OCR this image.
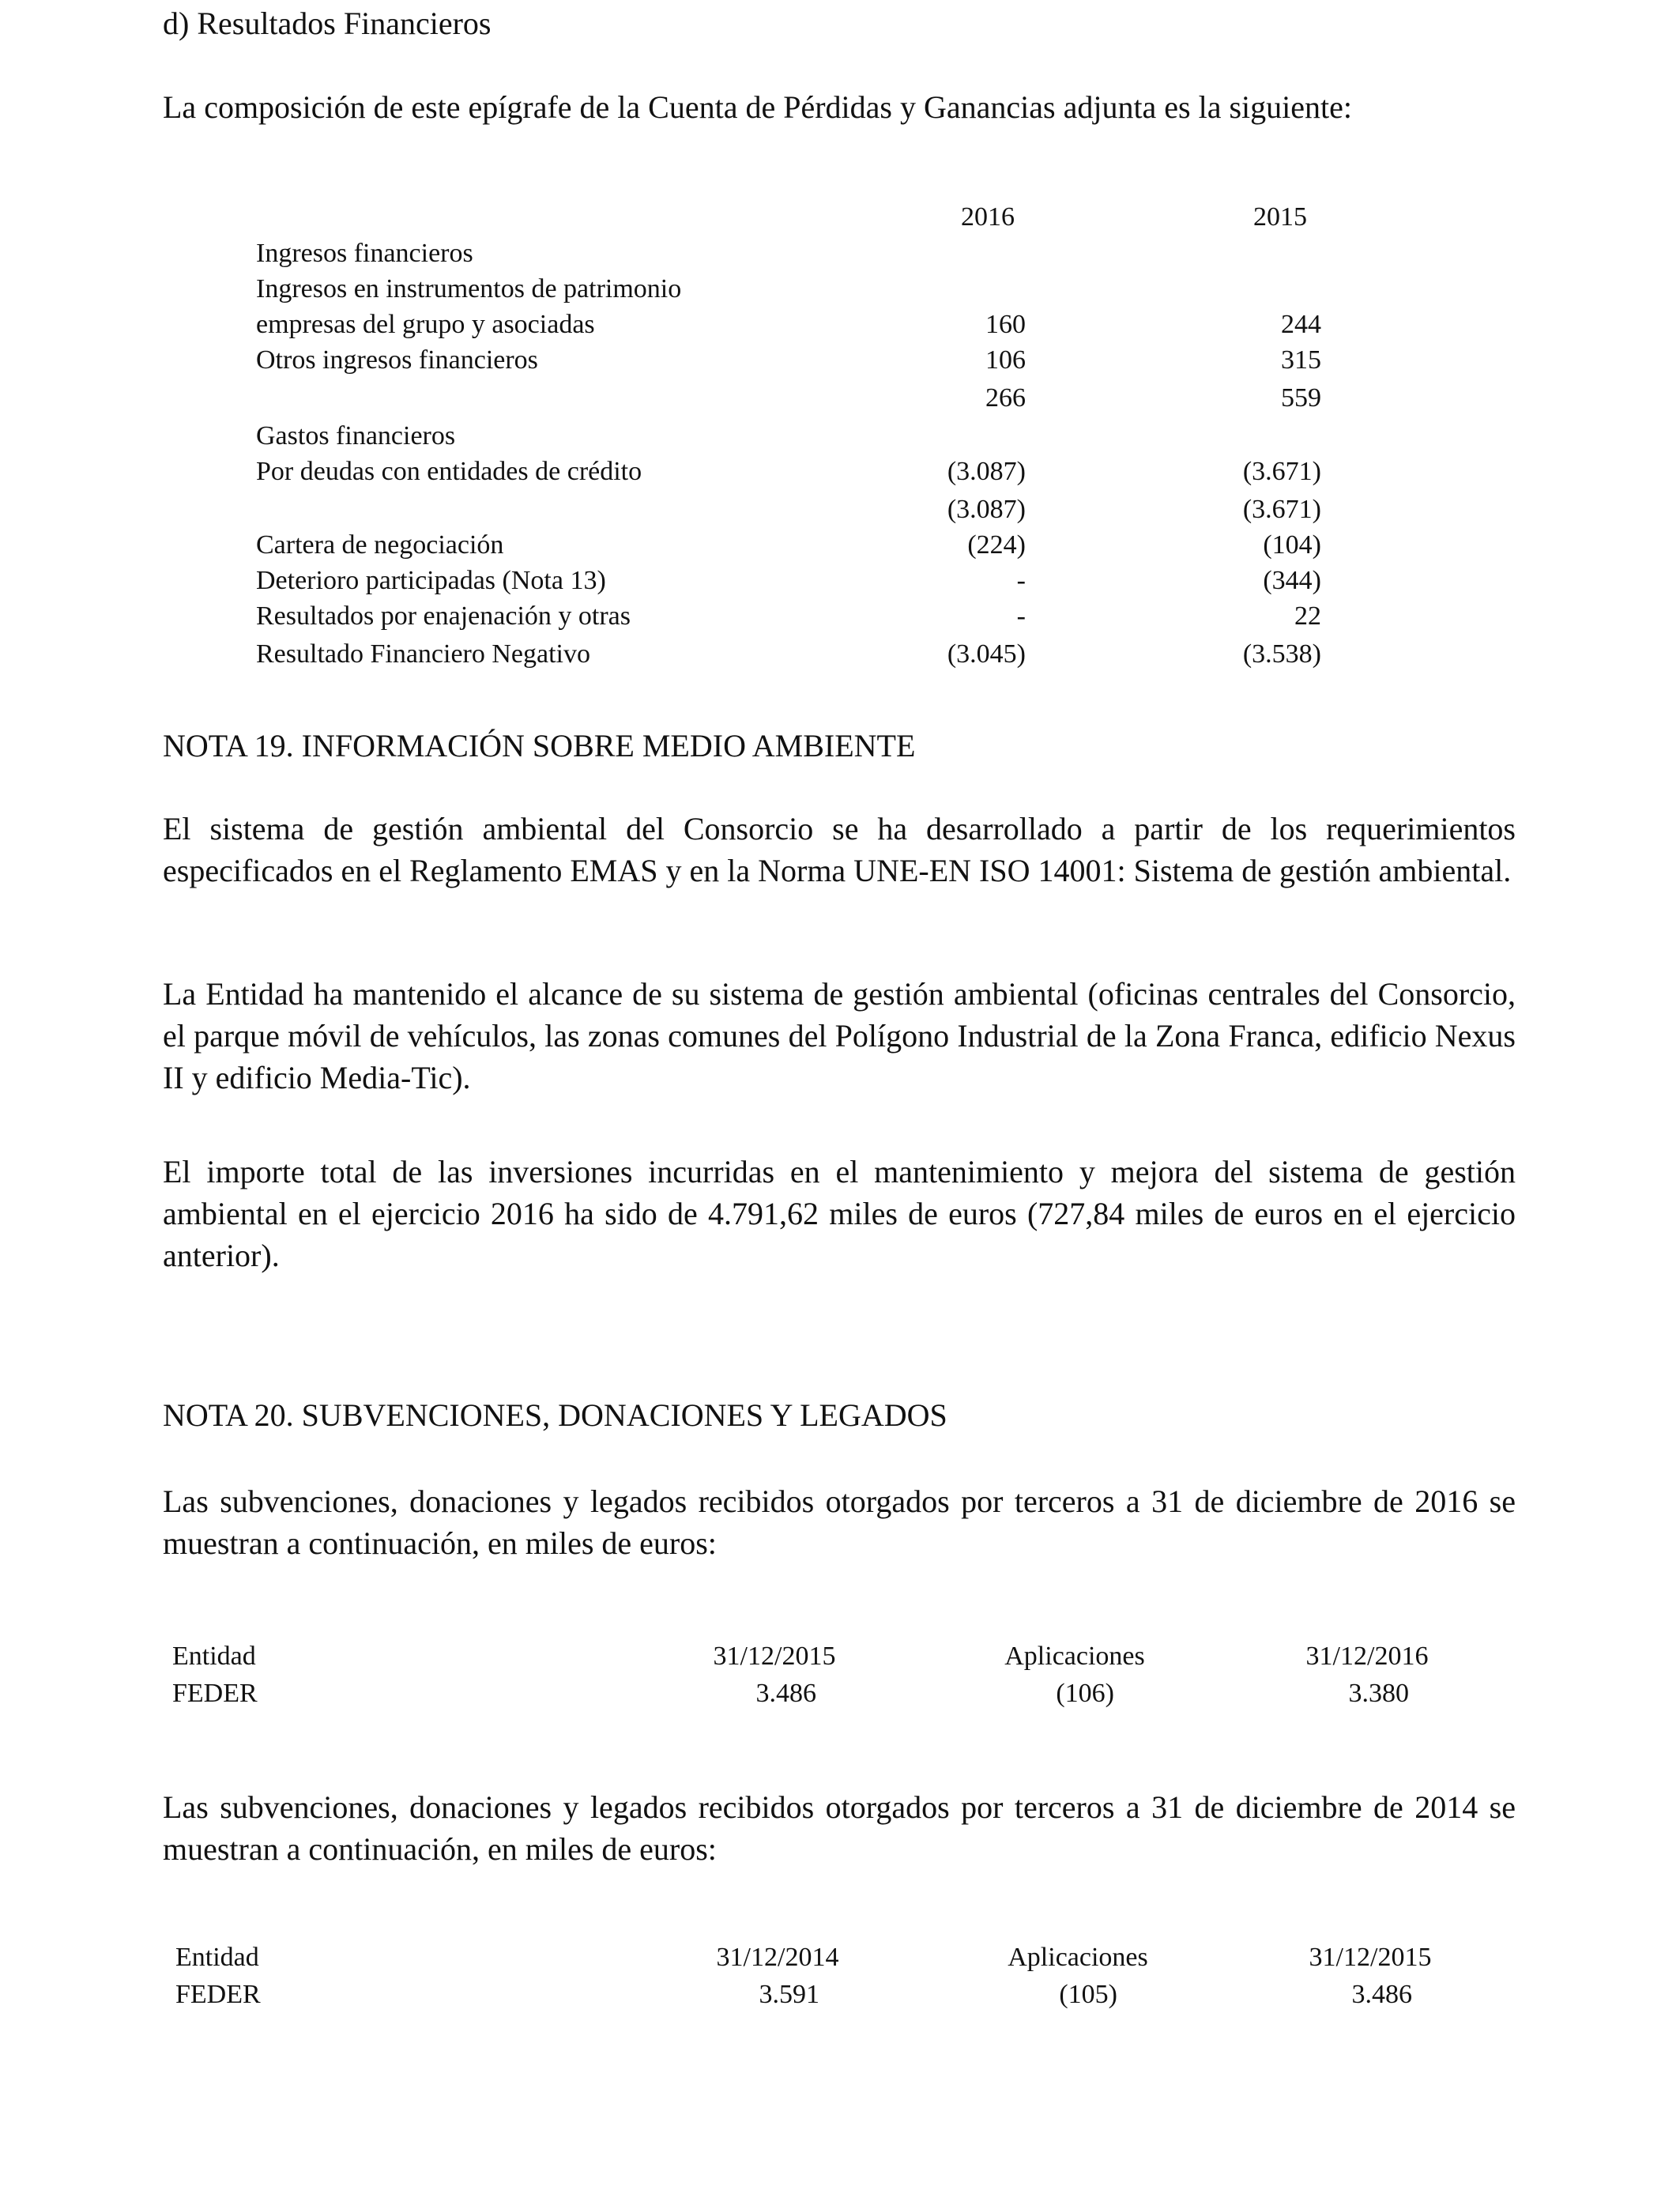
d) Resultados Financieros
La composición de este epígrafe de la Cuenta de Pérdidas y Ganancias adjunta es la siguiente:
2016	2015
Ingresos financieros
Ingresos en instrumentos de patrimonio
empresas del grupo y asociadas	160	244
Otros ingresos financieros	106	315
266	559
Gastos financieros
Por deudas con entidades de crédito	(3.087)	(3.671)
(3.087)	(3.671)
Cartera de negociación	(224)	(104)
Deterioro participadas (Nota 13)	-	(344)
Resultados por enajenación y otras	-	22
Resultado Financiero Negativo	(3.045)	(3.538)
NOTA 19. INFORMACIÓN SOBRE MEDIO AMBIENTE
El sistema de gestión ambiental del Consorcio se ha desarrollado a partir de los requerimientos especificados en el Reglamento EMAS y en la Norma UNE-EN ISO 14001: Sistema de gestión ambiental.
La Entidad ha mantenido el alcance de su sistema de gestión ambiental (oficinas centrales del Consorcio, el parque móvil de vehículos, las zonas comunes del Polígono Industrial de la Zona Franca, edificio Nexus II y edificio Media-Tic).
El importe total de las inversiones incurridas en el mantenimiento y mejora del sistema de gestión ambiental en el ejercicio 2016 ha sido de 4.791,62 miles de euros (727,84 miles de euros en el ejercicio anterior).
NOTA 20. SUBVENCIONES, DONACIONES Y LEGADOS
Las subvenciones, donaciones y legados recibidos otorgados por terceros a 31 de diciembre de 2016 se muestran a continuación, en miles de euros:
Entidad	31/12/2015	Aplicaciones	31/12/2016
FEDER	3.486	(106)	3.380
Las subvenciones, donaciones y legados recibidos otorgados por terceros a 31 de diciembre de 2014 se muestran a continuación, en miles de euros:
Entidad	31/12/2014	Aplicaciones	31/12/2015
FEDER	3.591	(105)	3.486
